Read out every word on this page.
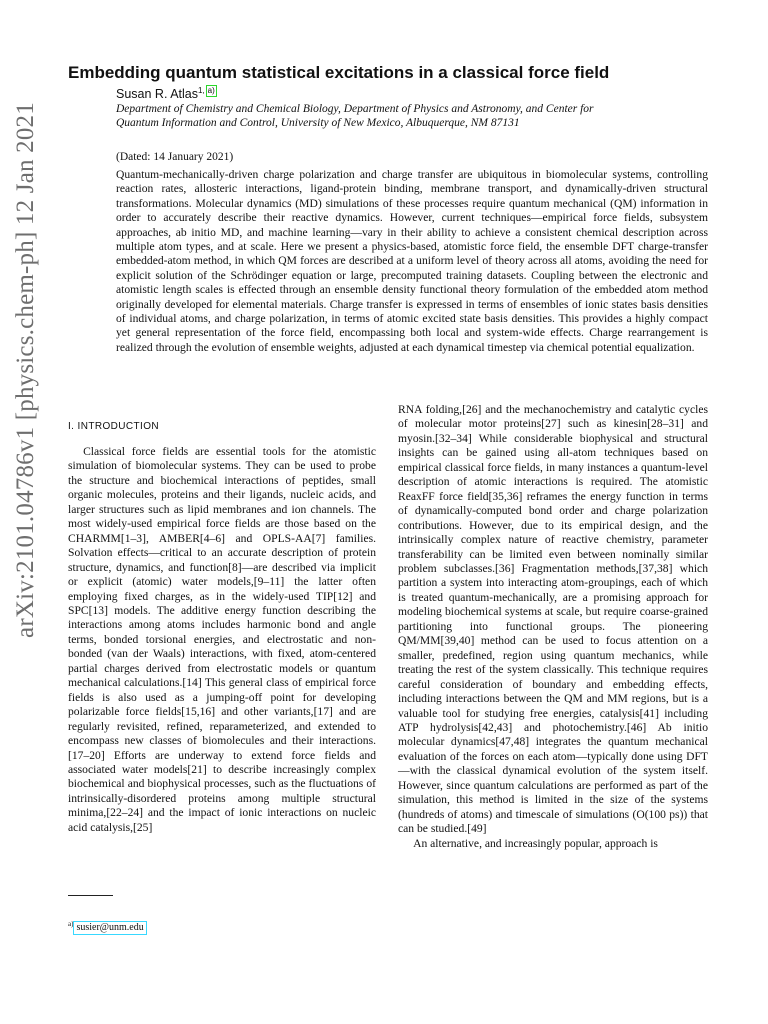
arXiv:2101.04786v1 [physics.chem-ph] 12 Jan 2021
Embedding quantum statistical excitations in a classical force field
Susan R. Atlas$^{1,}$ a)
Department of Chemistry and Chemical Biology, Department of Physics and Astronomy, and Center for Quantum Information and Control, University of New Mexico, Albuquerque, NM 87131
(Dated: 14 January 2021)
Quantum-mechanically-driven charge polarization and charge transfer are ubiquitous in biomolecular systems, controlling reaction rates, allosteric interactions, ligand-protein binding, membrane transport, and dynamically-driven structural transformations. Molecular dynamics (MD) simulations of these processes require quantum mechanical (QM) information in order to accurately describe their reactive dynamics. However, current techniques—empirical force fields, subsystem approaches, ab initio MD, and machine learning—vary in their ability to achieve a consistent chemical description across multiple atom types, and at scale. Here we present a physics-based, atomistic force field, the ensemble DFT charge-transfer embedded-atom method, in which QM forces are described at a uniform level of theory across all atoms, avoiding the need for explicit solution of the Schrödinger equation or large, precomputed training datasets. Coupling between the electronic and atomistic length scales is effected through an ensemble density functional theory formulation of the embedded atom method originally developed for elemental materials. Charge transfer is expressed in terms of ensembles of ionic states basis densities of individual atoms, and charge polarization, in terms of atomic excited state basis densities. This provides a highly compact yet general representation of the force field, encompassing both local and system-wide effects. Charge rearrangement is realized through the evolution of ensemble weights, adjusted at each dynamical timestep via chemical potential equalization.
I. INTRODUCTION

Classical force fields are essential tools for the atomistic simulation of biomolecular systems. They can be used to probe the structure and biochemical interactions of peptides, small organic molecules, proteins and their ligands, nucleic acids, and larger structures such as lipid membranes and ion channels. The most widely-used empirical force fields are those based on the CHARMM[1–3], AMBER[4–6] and OPLS-AA[7] families. Solvation effects—critical to an accurate description of protein structure, dynamics, and function[8]—are described via implicit or explicit (atomic) water models,[9–11] the latter often employing fixed charges, as in the widely-used TIP[12] and SPC[13] models. The additive energy function describing the interactions among atoms includes harmonic bond and angle terms, bonded torsional energies, and electrostatic and non-bonded (van der Waals) interactions, with fixed, atom-centered partial charges derived from electrostatic models or quantum mechanical calculations.[14] This general class of empirical force fields is also used as a jumping-off point for developing polarizable force fields[15,16] and other variants,[17] and are regularly revisited, refined, reparameterized, and extended to encompass new classes of biomolecules and their interactions.[17–20] Efforts are underway to extend force fields and associated water models[21] to describe increasingly complex biochemical and biophysical processes, such as the fluctuations of intrinsically-disordered proteins among multiple structural minima,[22–24] and the impact of ionic interactions on nucleic acid catalysis,[25]

RNA folding,[26] and the mechanochemistry and catalytic cycles of molecular motor proteins[27] such as kinesin[28–31] and myosin.[32–34] While considerable biophysical and structural insights can be gained using all-atom techniques based on empirical classical force fields, in many instances a quantum-level description of atomic interactions is required. The atomistic ReaxFF force field[35,36] reframes the energy function in terms of dynamically-computed bond order and charge polarization contributions. However, due to its empirical design, and the intrinsically complex nature of reactive chemistry, parameter transferability can be limited even between nominally similar problem subclasses.[36] Fragmentation methods,[37,38] which partition a system into interacting atom-groupings, each of which is treated quantum-mechanically, are a promising approach for modeling biochemical systems at scale, but require coarse-grained partitioning into functional groups. The pioneering QM/MM[39,40] method can be used to focus attention on a smaller, predefined, region using quantum mechanics, while treating the rest of the system classically. This technique requires careful consideration of boundary and embedding effects, including interactions between the QM and MM regions, but is a valuable tool for studying free energies, catalysis[41] including ATP hydrolysis[42,43] and photochemistry.[46] Ab initio molecular dynamics[47,48] integrates the quantum mechanical evaluation of the forces on each atom—typically done using DFT—with the classical dynamical evolution of the system itself. However, since quantum calculations are performed as part of the simulation, this method is limited in the size of the systems (hundreds of atoms) and timescale of simulations (O(100 ps)) that can be studied.[49]

An alternative, and increasingly popular, approach is

$^{a)}$ susier@unm.edu
